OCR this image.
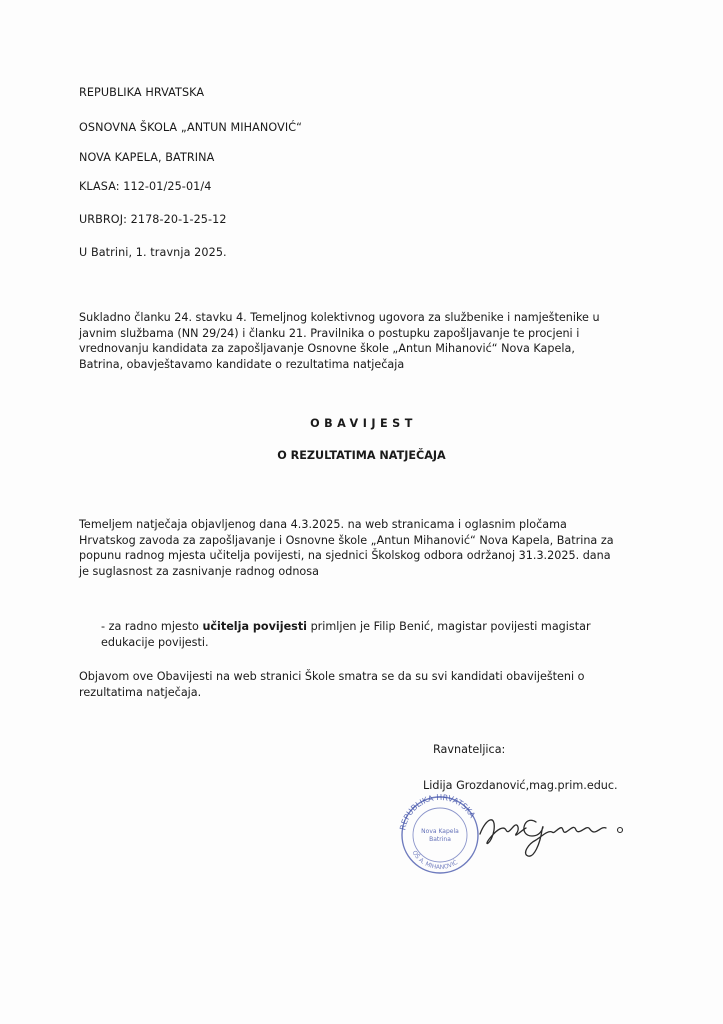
REPUBLIKA HRVATSKA
OSNOVNA ŠKOLA „ANTUN MIHANOVIĆ“
NOVA KAPELA, BATRINA
KLASA: 112-01/25-01/4
URBROJ: 2178-20-1-25-12
U Batrini, 1. travnja 2025.

Sukladno članku 24. stavku 4. Temeljnog kolektivnog ugovora za službenike i namještenike u javnim službama (NN 29/24) i članku 21. Pravilnika o postupku zapošljavanje te procjeni i vrednovanju kandidata za zapošljavanje Osnovne škole „Antun Mihanović“ Nova Kapela, Batrina, obavještavamo kandidate o rezultatima natječaja

OBAVIJEST
O REZULTATIMA NATJEČAJA

Temeljem natječaja objavljenog dana 4.3.2025. na web stranicama i oglasnim pločama Hrvatskog zavoda za zapošljavanje i Osnovne škole „Antun Mihanović“ Nova Kapela, Batrina za popunu radnog mjesta učitelja povijesti, na sjednici Školskog odbora održanoj 31.3.2025. dana je suglasnost za zasnivanje radnog odnosa

- za radno mjesto učitelja povijesti primljen je Filip Benić, magistar povijesti magistar edukacije povijesti.

Objavom ove Obavijesti na web stranici Škole smatra se da su svi kandidati obaviješteni o rezultatima natječaja.

Ravnateljica:
Lidija Grozdanović,mag.prim.educ.
REPUBLIKA HRVATSKA
Nova Kapela
Batrina
OŠ A. MIHANOVIĆ
